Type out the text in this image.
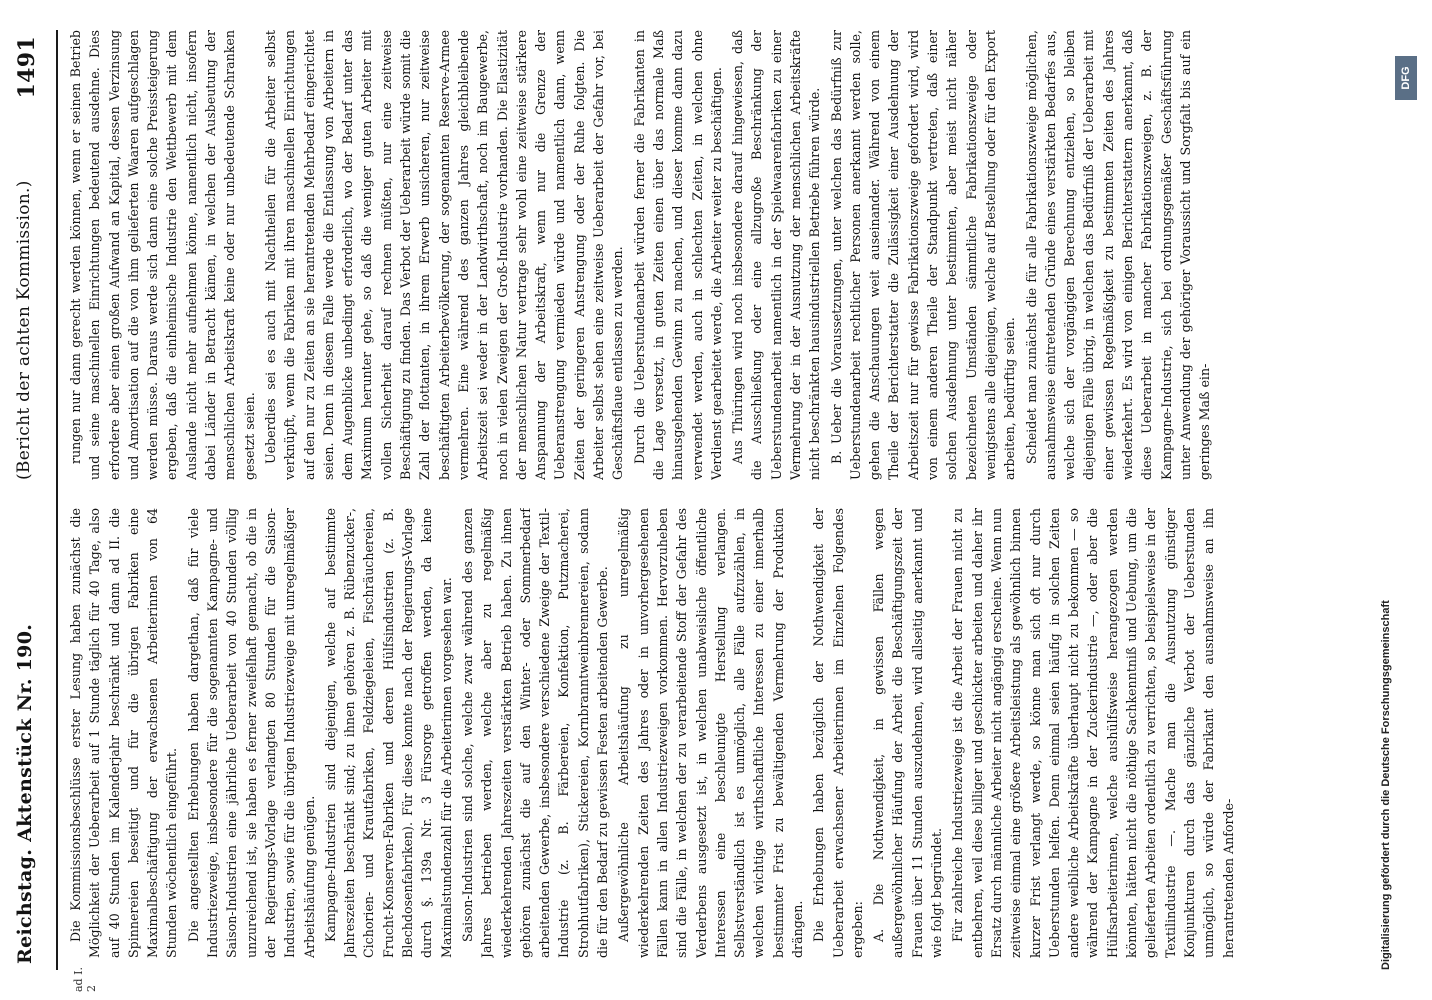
Reichstag. Aktenstück Nr. 190.
(Bericht der achten Kommission.)
1491
ad I. 2

Die Kommissionsbeschlüsse erster Lesung haben zunächst die Möglichkeit der Ueberarbeit auf 1 Stunde täglich für 40 Tage, also auf 40 Stunden im Kalenderjahr beschränkt und dann ad II. die Spinnereien beseitigt und für die übrigen Fabriken eine Maximalbeschäftigung der erwachsenen Arbeiterinnen von 64 Stunden wöchentlich eingeführt. Die angestellten Erhebungen haben dargethan, daß für viele Industriezweige, insbesondere für die sogenannten Kampagne- und Saison-Industrien eine jährliche Ueberarbeit von 40 Stunden völlig unzureichend ist, sie haben es ferner zweifelhaft gemacht, ob die in der Regierungs-Vorlage verlangten 80 Stunden für die Saison-Industrien, sowie für die übrigen Industriezweige mit unregelmäßiger Arbeitshäufung genügen. Kampagne-Industrien sind diejenigen, welche auf bestimmte Jahreszeiten beschränkt sind; zu ihnen gehören z. B. Rübenzucker-, Cichorien- und Krautfabriken, Feldziegeleien, Fischräuchereien, Frucht-Konserven-Fabriken und deren Hülfsindustrien (z. B. Blechdosenfabriken). Für diese konnte nach der Regierungs-Vorlage durch §. 139a Nr. 3 Fürsorge getroffen werden, da keine Maximalstundenzahl für die Arbeiterinnen vorgesehen war. Saison-Industrien sind solche, welche zwar während des ganzen Jahres betrieben werden, welche aber zu regelmäßig wiederkehrenden Jahreszeiten verstärkten Betrieb haben. Zu ihnen gehören zunächst die auf den Winter- oder Sommerbedarf arbeitenden Gewerbe, insbesondere verschiedene Zweige der Textil-Industrie (z. B. Färbereien, Konfektion, Putzmacherei, Strohhutfabriken), Stickereien, Kornbranntweinbrennereien, sodann die für den Bedarf zu gewissen Festen arbeitenden Gewerbe. Außergewöhnliche Arbeitshäufung zu unregelmäßig wiederkehrenden Zeiten des Jahres oder in unvorhergesehenen Fällen kann in allen Industriezweigen vorkommen. Hervorzuheben sind die Fälle, in welchen der zu verarbeitende Stoff der Gefahr des Verderbens ausgesetzt ist, in welchen unabweisliche öffentliche Interessen eine beschleunigte Herstellung verlangen. Selbstverständlich ist es unmöglich, alle Fälle aufzuzählen, in welchen wichtige wirthschaftliche Interessen zu einer innerhalb bestimmter Frist zu bewältigenden Vermehrung der Produktion drängen. Die Erhebungen haben bezüglich der Nothwendigkeit der Ueberarbeit erwachsener Arbeiterinnen im Einzelnen Folgendes ergeben: A. Die Nothwendigkeit, in gewissen Fällen wegen außergewöhnlicher Häufung der Arbeit die Beschäftigungszeit der Frauen über 11 Stunden auszudehnen, wird allseitig anerkannt und wie folgt begründet. Für zahlreiche Industriezweige ist die Arbeit der Frauen nicht zu entbehren, weil diese billiger und geschickter arbeiten und daher ihr Ersatz durch männliche Arbeiter nicht angängig erscheine. Wenn nun zeitweise einmal eine größere Arbeitsleistung als gewöhnlich binnen kurzer Frist verlangt werde, so könne man sich oft nur durch Ueberstunden helfen. Denn einmal seien häufig in solchen Zeiten andere weibliche Arbeitskräfte überhaupt nicht zu bekommen — so während der Kampagne in der Zuckerindustrie —, oder aber die Hülfsarbeiterinnen, welche aushülfsweise herangezogen werden könnten, hätten nicht die nöthige Sachkenntniß und Uebung, um die gelieferten Arbeiten ordentlich zu verrichten, so beispielsweise in der Textilindustrie —. Mache man die Ausnutzung günstiger Konjunkturen durch das gänzliche Verbot der Ueberstunden unmöglich, so würde der Fabrikant den ausnahmsweise an ihn herantretenden Anforde-

rungen nur dann gerecht werden können, wenn er seinen Betrieb und seine maschinellen Einrichtungen bedeutend ausdehne. Dies erfordere aber einen großen Aufwand an Kapital, dessen Verzinsung und Amortisation auf die von ihm gelieferten Waaren aufgeschlagen werden müsse. Daraus werde sich dann eine solche Preissteigerung ergeben, daß die einheimische Industrie den Wettbewerb mit dem Auslande nicht mehr aufnehmen könne, namentlich nicht, insofern dabei Länder in Betracht kämen, in welchen der Ausbeutung der menschlichen Arbeitskraft keine oder nur unbedeutende Schranken gesetzt seien. Ueberdies sei es auch mit Nachtheilen für die Arbeiter selbst verknüpft, wenn die Fabriken mit ihren maschinellen Einrichtungen auf den nur zu Zeiten an sie herantretenden Mehrbedarf eingerichtet seien. Denn in diesem Falle werde die Entlassung von Arbeitern in dem Augenblicke unbedingt erforderlich, wo der Bedarf unter das Maximum herunter gehe, so daß die weniger guten Arbeiter mit vollen Sicherheit darauf rechnen müßten, nur eine zeitweise Beschäftigung zu finden. Das Verbot der Ueberarbeit würde somit die Zahl der flottanten, in ihrem Erwerb unsicheren, nur zeitweise beschäftigten Arbeiterbevölkerung, der sogenannten Reserve-Armee vermehren. Eine während des ganzen Jahres gleichbleibende Arbeitszeit sei weder in der Landwirthschaft, noch im Baugewerbe, noch in vielen Zweigen der Groß-Industrie vorhanden. Die Elastizität der menschlichen Natur vertrage sehr wohl eine zeitweise stärkere Anspannung der Arbeitskraft, wenn nur die Grenze der Ueberanstrengung vermieden würde und namentlich dann, wenn Zeiten der geringeren Anstrengung oder der Ruhe folgten. Die Arbeiter selbst sehen eine zeitweise Ueberarbeit der Gefahr vor, bei Geschäftsflaue entlassen zu werden. Durch die Ueberstundenarbeit würden ferner die Fabrikanten in die Lage versetzt, in guten Zeiten einen über das normale Maß hinausgehenden Gewinn zu machen, und dieser komme dann dazu verwendet werden, auch in schlechten Zeiten, in welchen ohne Verdienst gearbeitet werde, die Arbeiter weiter zu beschäftigen. Aus Thüringen wird noch insbesondere darauf hingewiesen, daß die Ausschließung oder eine allzugroße Beschränkung der Ueberstundenarbeit namentlich in der Spielwaarenfabriken zu einer Vermehrung der in der Ausnutzung der menschlichen Arbeitskräfte nicht beschränkten hausindustriellen Betriebe führen würde. B. Ueber die Voraussetzungen, unter welchen das Bedürfniß zur Ueberstundenarbeit rechtlicher Personen anerkannt werden solle, gehen die Anschauungen weit auseinander. Während von einem Theile der Berichterstatter die Zulässigkeit einer Ausdehnung der Arbeitszeit nur für gewisse Fabrikationszweige gefordert wird, wird von einem anderen Theile der Standpunkt vertreten, daß einer solchen Ausdehnung unter bestimmten, aber meist nicht näher bezeichneten Umständen sämmtliche Fabrikationszweige oder wenigstens alle diejenigen, welche auf Bestellung oder für den Export arbeiten, bedürftig seien. Scheidet man zunächst die für alle Fabrikationszweige möglichen, ausnahmsweise eintretenden Gründe eines verstärkten Bedarfes aus, welche sich der vorgängigen Berechnung entziehen, so bleiben diejenigen Fälle übrig, in welchen das Bedürfniß der Ueberarbeit mit einer gewissen Regelmäßigkeit zu bestimmten Zeiten des Jahres wiederkehrt. Es wird von einigen Berichterstattern anerkannt, daß diese Ueberarbeit in mancher Fabrikationszweigen, z. B. der Kampagne-Industrie, sich bei ordnungsgemäßer Geschäftsführung unter Anwendung der gehöriger Voraussicht und Sorgfalt bis auf ein geringes Maß ein-

Digitalisierung gefördert durch die Deutsche Forschungsgemeinschaft
DFG
